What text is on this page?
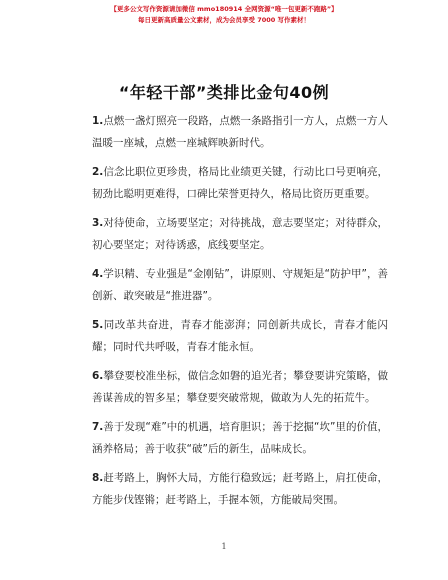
【更多公文写作资源请加微信 mmo180914 全网资源“唯一包更新不跑路”】
每日更新高质量公文素材，成为会员享受 7000 写作素材！
“年轻干部”类排比金句40例
1.点燃一盏灯照亮一段路，点燃一条路指引一方人，点燃一方人温暖一座城，点燃一座城辉映新时代。
2.信念比职位更珍贵，格局比业绩更关键，行动比口号更响亮，韧劲比聪明更难得，口碑比荣誉更持久，格局比资历更重要。
3.对待使命，立场要坚定；对待挑战，意志要坚定；对待群众，初心要坚定；对待诱惑，底线要坚定。
4.学识精、专业强是“金刚钻”，讲原则、守规矩是“防护甲”，善创新、敢突破是“推进器”。
5.同改革共奋进，青春才能澎湃；同创新共成长，青春才能闪耀；同时代共呼吸，青春才能永恒。
6.攀登要校准坐标，做信念如磐的追光者；攀登要讲究策略，做善谋善成的智多星；攀登要突破常规，做敢为人先的拓荒牛。
7.善于发现“难”中的机遇，培育胆识；善于挖掘“坎”里的价值，涵养格局；善于收获“破”后的新生，品味成长。
8.赶考路上，胸怀大局，方能行稳致远；赶考路上，肩扛使命，方能步伐铿锵；赶考路上，手握本领，方能破局突围。
1
